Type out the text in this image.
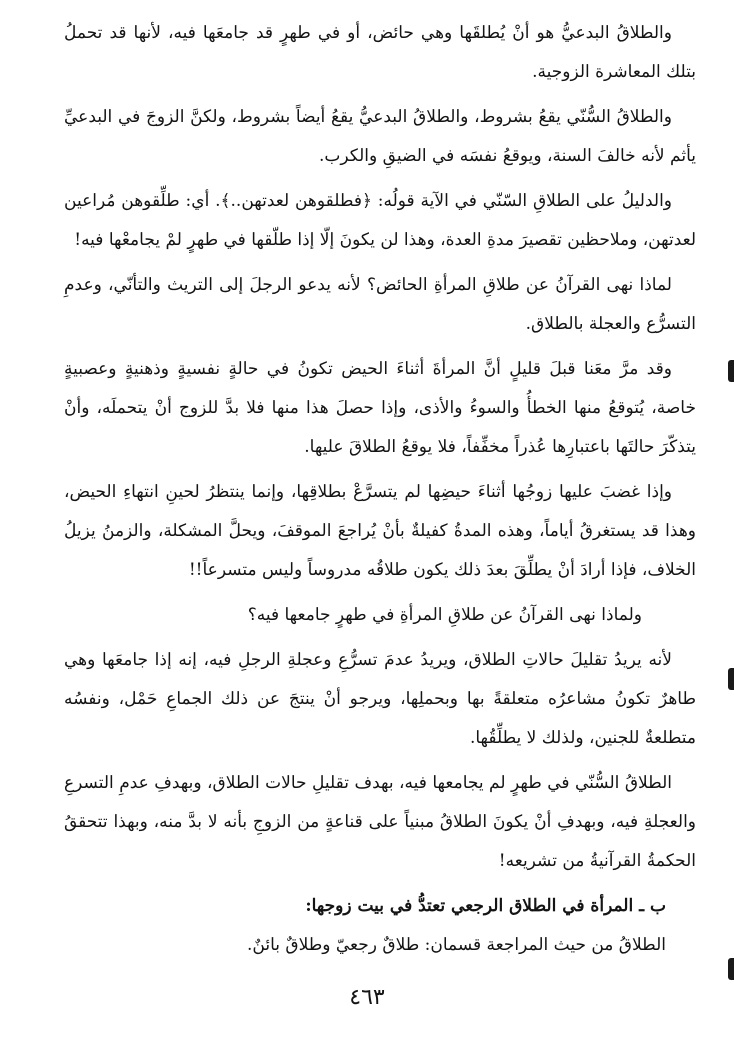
والطلاقُ البدعيُّ هو أنْ يُطلقَها وهي حائض، أو في طهرٍ قد جامعَها فيه، لأنها قد تحملُ بتلك المعاشرة الزوجية.

والطلاقُ السُّنّي يقعُ بشروط، والطلاقُ البدعيُّ يقعُ أيضاً بشروط، ولكنَّ الزوجَ في البدعيِّ يأثم لأنه خالفَ السنة، ويوقعُ نفسَه في الضيقِ والكرب.

والدليلُ على الطلاقِ السّنّي في الآية قولُه: ﴿فطلقوهن لعدتهن..﴾. أي: طلِّقوهن مُراعين لعدتهن، وملاحظين تقصيرَ مدةِ العدة، وهذا لن يكونَ إلّا إذا طلّقها في طهرٍ لمْ يجامعْها فيه!

لماذا نهى القرآنُ عن طلاقِ المرأةِ الحائض؟ لأنه يدعو الرجلَ إلى التريث والتأنّي، وعدمِ التسرُّع والعجلة بالطلاق.

وقد مرَّ معَنا قبلَ قليلٍ أنَّ المرأةَ أثناءَ الحيض تكونُ في حالةٍ نفسيةٍ وذهنيةٍ وعصبيةٍ خاصة، يُتوقعُ منها الخطأُ والسوءُ والأذى، وإذا حصلَ هذا منها فلا بدَّ للزوج أنْ يتحملَه، وأنْ يتذكّرَ حالتَها باعتبارِها عُذراً مخفِّفاً، فلا يوقعُ الطلاقَ عليها.

وإذا غضبَ عليها زوجُها أثناءَ حيضِها لم يتسرَّعْ بطلاقِها، وإنما ينتظرُ لحينِ انتهاءِ الحيض، وهذا قد يستغرقُ أياماً، وهذه المدةُ كفيلةٌ بأنْ يُراجعَ الموقفَ، ويحلَّ المشكلة، والزمنُ يزيلُ الخلاف، فإذا أرادَ أنْ يطلِّقَ بعدَ ذلك يكون طلاقُه مدروساً وليس متسرعاً!!

ولماذا نهى القرآنُ عن طلاقِ المرأةِ في طهرٍ جامعها فيه؟

لأنه يريدُ تقليلَ حالاتِ الطلاق، ويريدُ عدمَ تسرُّعِ وعجلةِ الرجلِ فيه، إنه إذا جامعَها وهي طاهرٌ تكونُ مشاعرُه متعلقةً بها وبحملِها، ويرجو أنْ ينتجَ عن ذلك الجماعِ حَمْل، ونفسُه متطلعةٌ للجنين، ولذلك لا يطلِّقُها.

الطلاقُ السُّنّي في طهرٍ لم يجامعها فيه، بهدف تقليلِ حالات الطلاق، وبهدفِ عدمِ التسرعِ والعجلةِ فيه، وبهدفِ أنْ يكونَ الطلاقُ مبنياً على قناعةٍ من الزوجِ بأنه لا بدَّ منه، وبهذا تتحققُ الحكمةُ القرآنيةُ من تشريعه!

ب ـ المرأة في الطلاق الرجعي تعتدُّ في بيت زوجها:

الطلاقُ من حيث المراجعة قسمان: طلاقٌ رجعيّ وطلاقٌ بائنٌ.

٤٦٣
